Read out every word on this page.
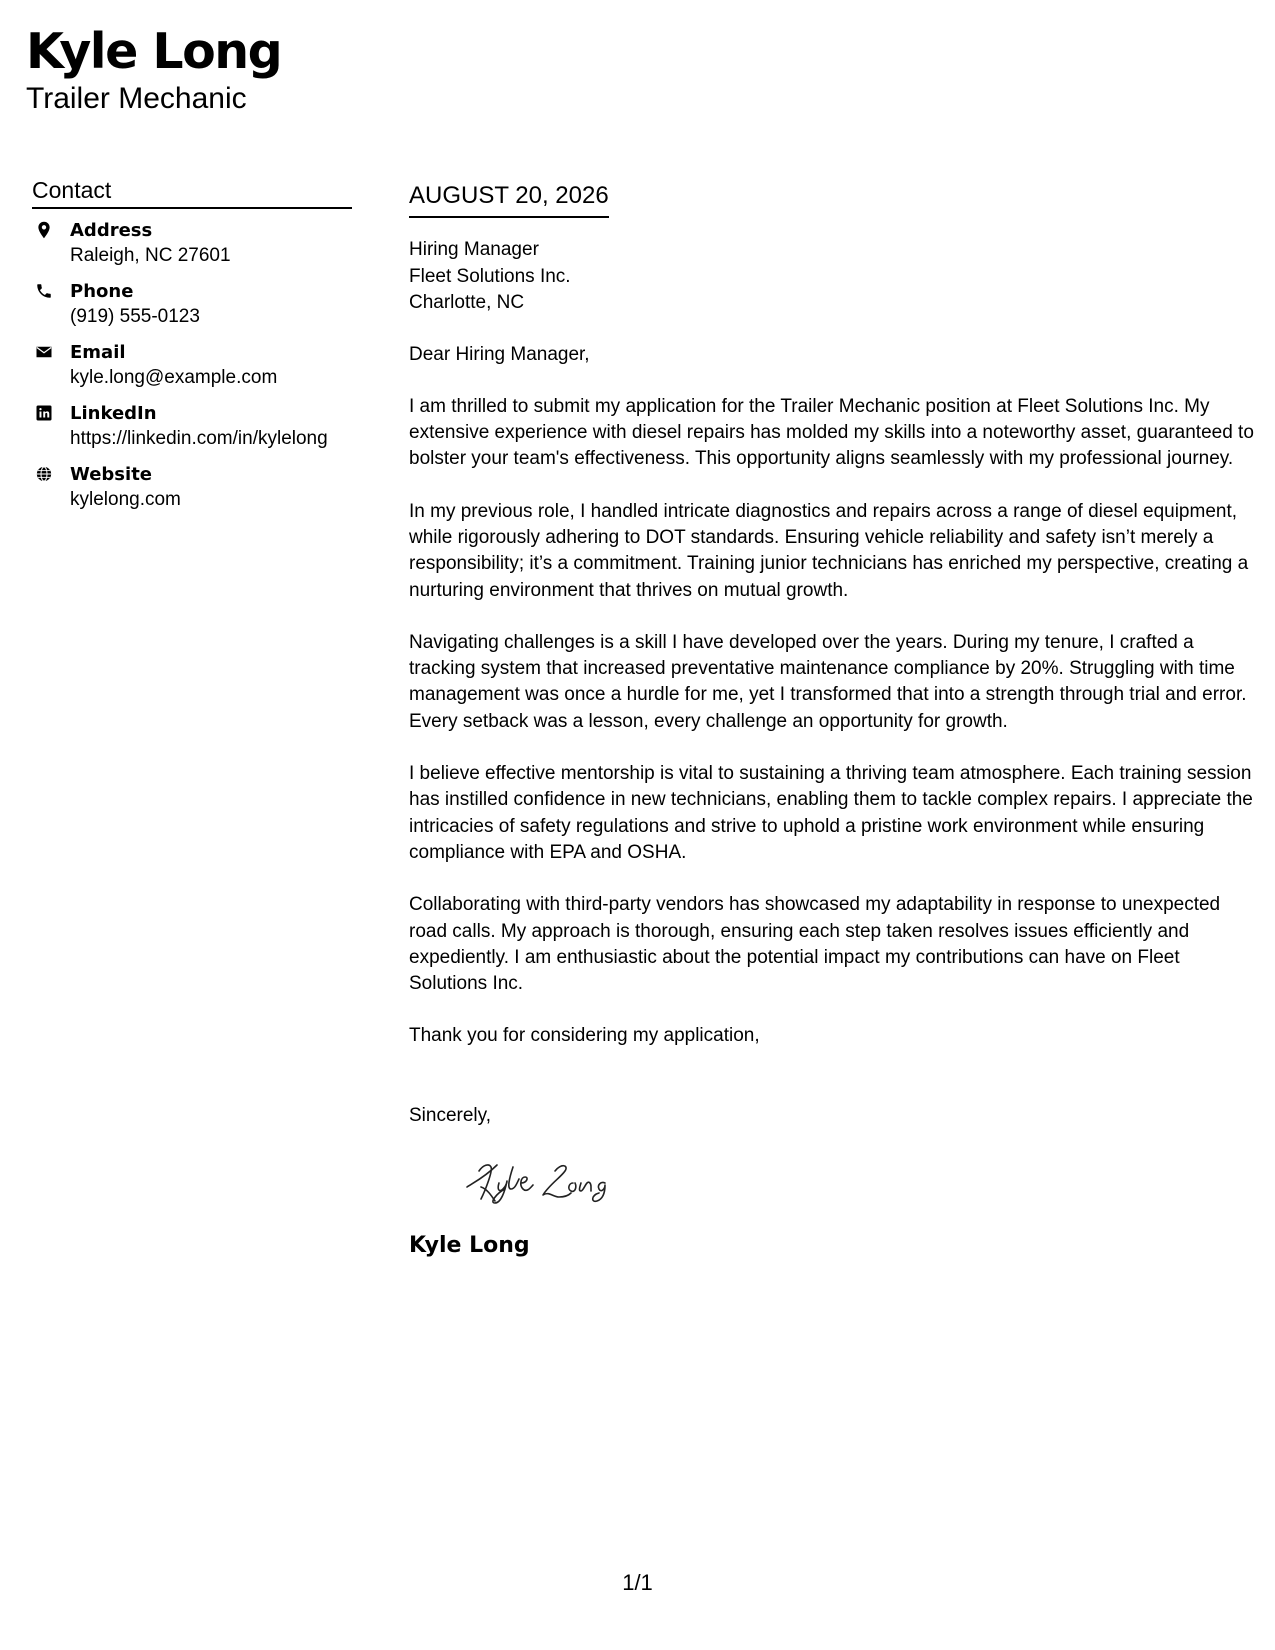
Kyle Long
Trailer Mechanic
Contact
Address
Raleigh, NC 27601
Phone
(919) 555-0123
Email
kyle.long@example.com
LinkedIn
https://linkedin.com/in/kylelong
Website
kylelong.com
AUGUST 20, 2026
Hiring Manager
Fleet Solutions Inc.
Charlotte, NC

Dear Hiring Manager,

I am thrilled to submit my application for the Trailer Mechanic position at Fleet Solutions Inc. My extensive experience with diesel repairs has molded my skills into a noteworthy asset, guaranteed to bolster your team's effectiveness. This opportunity aligns seamlessly with my professional journey.

In my previous role, I handled intricate diagnostics and repairs across a range of diesel equipment, while rigorously adhering to DOT standards. Ensuring vehicle reliability and safety isn’t merely a responsibility; it’s a commitment. Training junior technicians has enriched my perspective, creating a nurturing environment that thrives on mutual growth.

Navigating challenges is a skill I have developed over the years. During my tenure, I crafted a tracking system that increased preventative maintenance compliance by 20%. Struggling with time management was once a hurdle for me, yet I transformed that into a strength through trial and error. Every setback was a lesson, every challenge an opportunity for growth.

I believe effective mentorship is vital to sustaining a thriving team atmosphere. Each training session has instilled confidence in new technicians, enabling them to tackle complex repairs. I appreciate the intricacies of safety regulations and strive to uphold a pristine work environment while ensuring compliance with EPA and OSHA.

Collaborating with third-party vendors has showcased my adaptability in response to unexpected road calls. My approach is thorough, ensuring each step taken resolves issues efficiently and expediently. I am enthusiastic about the potential impact my contributions can have on Fleet Solutions Inc.

Thank you for considering my application,

Sincerely,

Kyle Long
1/1
